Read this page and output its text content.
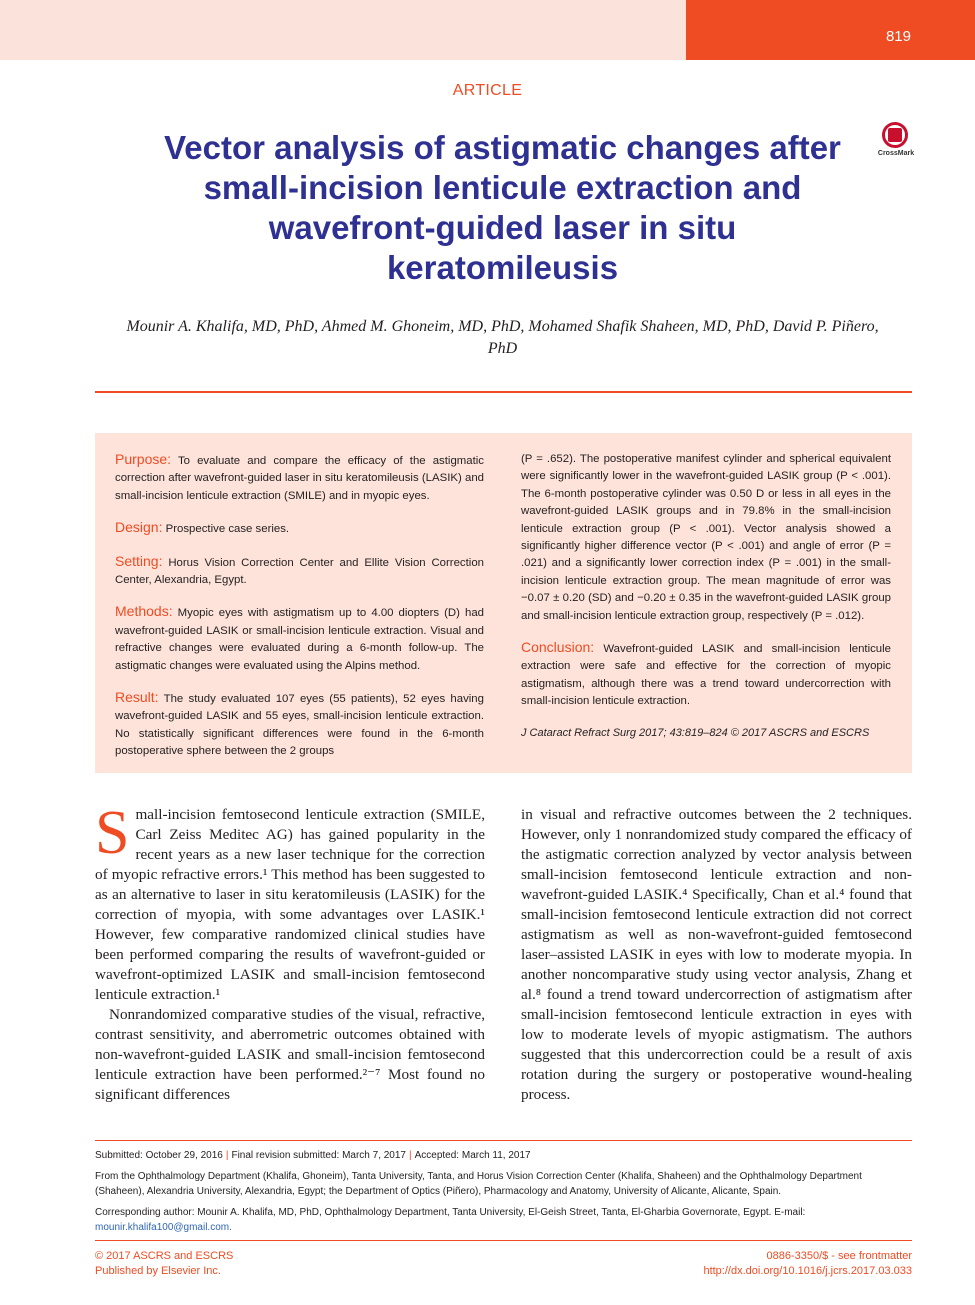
819
ARTICLE
Vector analysis of astigmatic changes after small-incision lenticule extraction and wavefront-guided laser in situ keratomileusis
CrossMark
Mounir A. Khalifa, MD, PhD, Ahmed M. Ghoneim, MD, PhD, Mohamed Shafik Shaheen, MD, PhD, David P. Piñero, PhD

Purpose: To evaluate and compare the efficacy of the astigmatic correction after wavefront-guided laser in situ keratomileusis (LASIK) and small-incision lenticule extraction (SMILE) and in myopic eyes.

Design: Prospective case series.

Setting: Horus Vision Correction Center and Ellite Vision Correction Center, Alexandria, Egypt.

Methods: Myopic eyes with astigmatism up to 4.00 diopters (D) had wavefront-guided LASIK or small-incision lenticule extraction. Visual and refractive changes were evaluated during a 6-month follow-up. The astigmatic changes were evaluated using the Alpins method.

Result: The study evaluated 107 eyes (55 patients), 52 eyes having wavefront-guided LASIK and 55 eyes, small-incision lenticule extraction. No statistically significant differences were found in the 6-month postoperative sphere between the 2 groups

(P = .652). The postoperative manifest cylinder and spherical equivalent were significantly lower in the wavefront-guided LASIK group (P < .001). The 6-month postoperative cylinder was 0.50 D or less in all eyes in the wavefront-guided LASIK groups and in 79.8% in the small-incision lenticule extraction group (P < .001). Vector analysis showed a significantly higher difference vector (P < .001) and angle of error (P = .021) and a significantly lower correction index (P = .001) in the small-incision lenticule extraction group. The mean magnitude of error was −0.07 ± 0.20 (SD) and −0.20 ± 0.35 in the wavefront-guided LASIK group and small-incision lenticule extraction group, respectively (P = .012).

Conclusion: Wavefront-guided LASIK and small-incision lenticule extraction were safe and effective for the correction of myopic astigmatism, although there was a trend toward undercorrection with small-incision lenticule extraction.

J Cataract Refract Surg 2017; 43:819–824 © 2017 ASCRS and ESCRS

Small-incision femtosecond lenticule extraction (SMILE, Carl Zeiss Meditec AG) has gained popularity in the recent years as a new laser technique for the correction of myopic refractive errors.¹ This method has been suggested to as an alternative to laser in situ keratomileusis (LASIK) for the correction of myopia, with some advantages over LASIK.¹ However, few comparative randomized clinical studies have been performed comparing the results of wavefront-guided or wavefront-optimized LASIK and small-incision femtosecond lenticule extraction.¹

Nonrandomized comparative studies of the visual, refractive, contrast sensitivity, and aberrometric outcomes obtained with non-wavefront-guided LASIK and small-incision femtosecond lenticule extraction have been performed.²⁻⁷ Most found no significant differences

in visual and refractive outcomes between the 2 techniques. However, only 1 nonrandomized study compared the efficacy of the astigmatic correction analyzed by vector analysis between small-incision femtosecond lenticule extraction and non-wavefront-guided LASIK.⁴ Specifically, Chan et al.⁴ found that small-incision femtosecond lenticule extraction did not correct astigmatism as well as non-wavefront-guided femtosecond laser–assisted LASIK in eyes with low to moderate myopia. In another noncomparative study using vector analysis, Zhang et al.⁸ found a trend toward undercorrection of astigmatism after small-incision femtosecond lenticule extraction in eyes with low to moderate levels of myopic astigmatism. The authors suggested that this undercorrection could be a result of axis rotation during the surgery or postoperative wound-healing process.

Submitted: October 29, 2016 | Final revision submitted: March 7, 2017 | Accepted: March 11, 2017

From the Ophthalmology Department (Khalifa, Ghoneim), Tanta University, Tanta, and Horus Vision Correction Center (Khalifa, Shaheen) and the Ophthalmology Department (Shaheen), Alexandria University, Alexandria, Egypt; the Department of Optics (Piñero), Pharmacology and Anatomy, University of Alicante, Alicante, Spain.

Corresponding author: Mounir A. Khalifa, MD, PhD, Ophthalmology Department, Tanta University, El-Geish Street, Tanta, El-Gharbia Governorate, Egypt. E-mail: mounir.khalifa100@gmail.com.

© 2017 ASCRS and ESCRS
Published by Elsevier Inc.
0886-3350/$ - see frontmatter
http://dx.doi.org/10.1016/j.jcrs.2017.03.033
